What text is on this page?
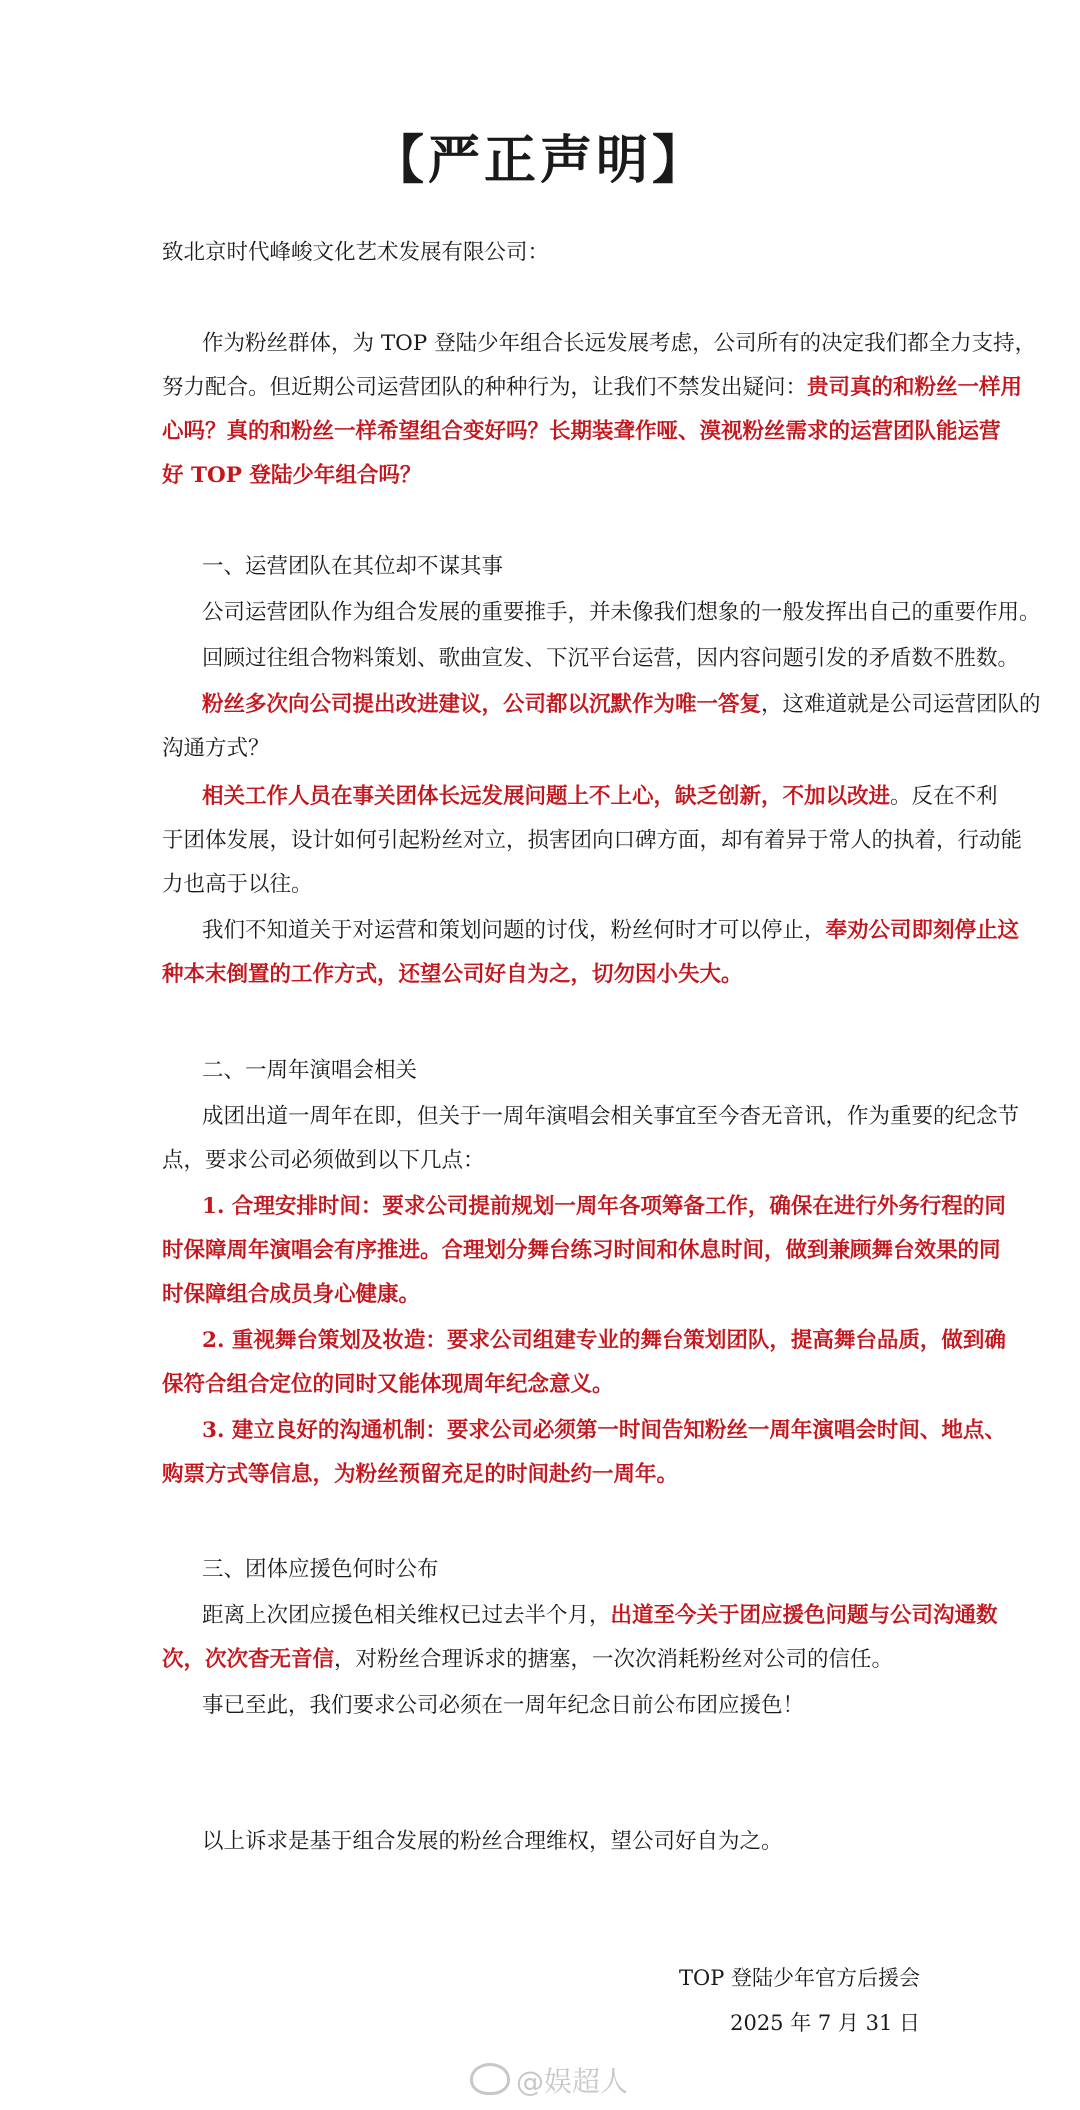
【严正声明】
致北京时代峰峻文化艺术发展有限公司：
作为粉丝群体，为 TOP 登陆少年组合长远发展考虑，公司所有的决定我们都全力支持，
努力配合。但近期公司运营团队的种种行为，让我们不禁发出疑问：贵司真的和粉丝一样用
心吗？真的和粉丝一样希望组合变好吗？长期装聋作哑、漠视粉丝需求的运营团队能运营
好 TOP 登陆少年组合吗？
一、运营团队在其位却不谋其事
公司运营团队作为组合发展的重要推手，并未像我们想象的一般发挥出自己的重要作用。
回顾过往组合物料策划、歌曲宣发、下沉平台运营，因内容问题引发的矛盾数不胜数。
粉丝多次向公司提出改进建议，公司都以沉默作为唯一答复，这难道就是公司运营团队的
沟通方式？
相关工作人员在事关团体长远发展问题上不上心，缺乏创新，不加以改进。反在不利
于团体发展，设计如何引起粉丝对立，损害团向口碑方面，却有着异于常人的执着，行动能
力也高于以往。
我们不知道关于对运营和策划问题的讨伐，粉丝何时才可以停止，奉劝公司即刻停止这
种本末倒置的工作方式，还望公司好自为之，切勿因小失大。
二、一周年演唱会相关
成团出道一周年在即，但关于一周年演唱会相关事宜至今杳无音讯，作为重要的纪念节
点，要求公司必须做到以下几点：
1. 合理安排时间：要求公司提前规划一周年各项筹备工作，确保在进行外务行程的同
时保障周年演唱会有序推进。合理划分舞台练习时间和休息时间，做到兼顾舞台效果的同
时保障组合成员身心健康。
2. 重视舞台策划及妆造：要求公司组建专业的舞台策划团队，提高舞台品质，做到确
保符合组合定位的同时又能体现周年纪念意义。
3. 建立良好的沟通机制：要求公司必须第一时间告知粉丝一周年演唱会时间、地点、
购票方式等信息，为粉丝预留充足的时间赴约一周年。
三、团体应援色何时公布
距离上次团应援色相关维权已过去半个月，出道至今关于团应援色问题与公司沟通数
次，次次杳无音信，对粉丝合理诉求的搪塞，一次次消耗粉丝对公司的信任。
事已至此，我们要求公司必须在一周年纪念日前公布团应援色！
以上诉求是基于组合发展的粉丝合理维权，望公司好自为之。
TOP 登陆少年官方后援会
2025 年 7 月 31 日
@娱超人
